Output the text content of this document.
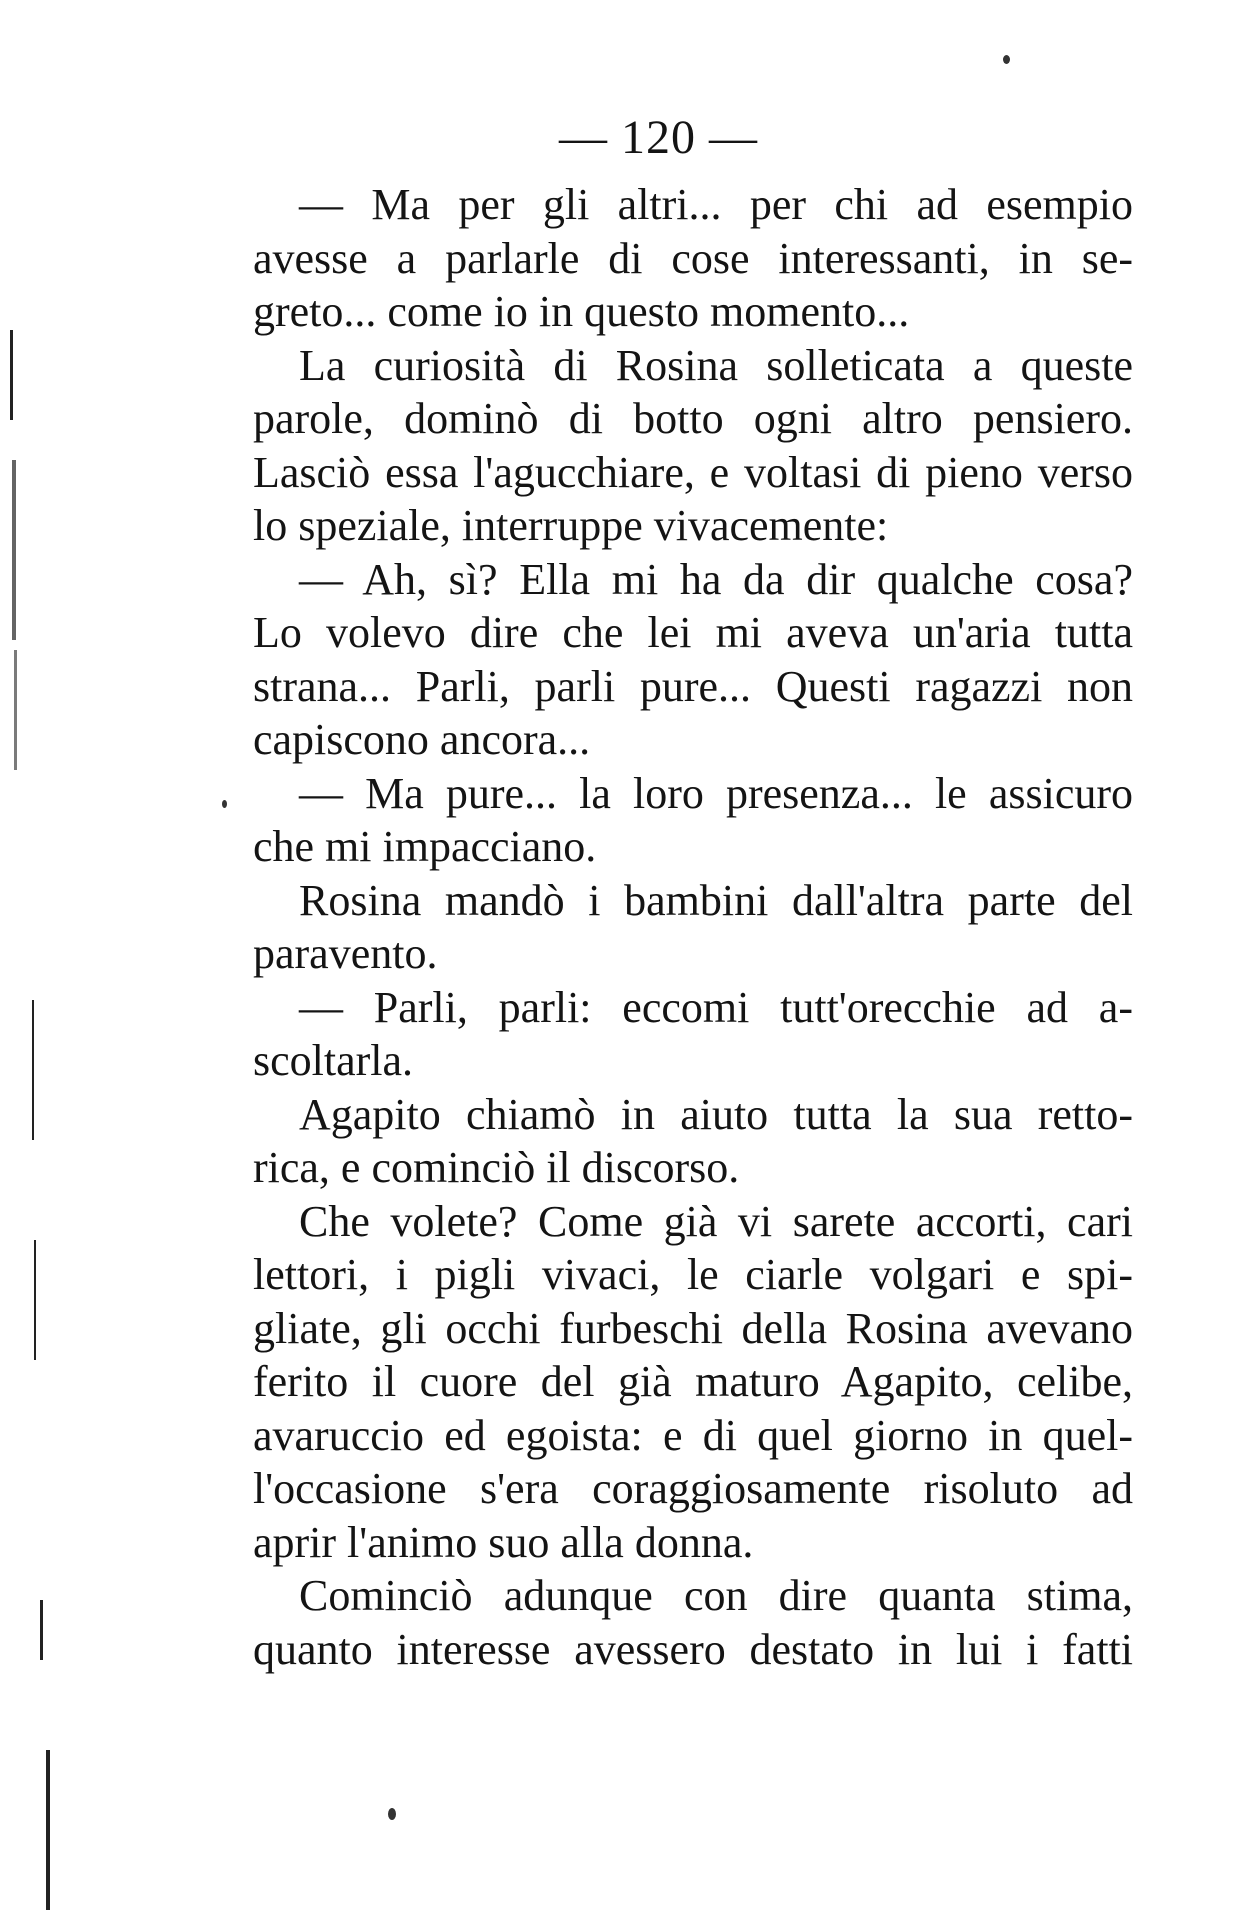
— 120 —
— Ma per gli altri... per chi ad esempio
avesse a parlarle di cose interessanti, in se-
greto... come io in questo momento...
La curiosità di Rosina solleticata a queste
parole, dominò di botto ogni altro pensiero.
Lasciò essa l'agucchiare, e voltasi di pieno verso
lo speziale, interruppe vivacemente:
— Ah, sì? Ella mi ha da dir qualche cosa?
Lo volevo dire che lei mi aveva un'aria tutta
strana... Parli, parli pure... Questi ragazzi non
capiscono ancora...
— Ma pure... la loro presenza... le assicuro
che mi impacciano.
Rosina mandò i bambini dall'altra parte del
paravento.
— Parli, parli: eccomi tutt'orecchie ad a-
scoltarla.
Agapito chiamò in aiuto tutta la sua retto-
rica, e cominciò il discorso.
Che volete? Come già vi sarete accorti, cari
lettori, i pigli vivaci, le ciarle volgari e spi-
gliate, gli occhi furbeschi della Rosina avevano
ferito il cuore del già maturo Agapito, celibe,
avaruccio ed egoista: e di quel giorno in quel-
l'occasione s'era coraggiosamente risoluto ad
aprir l'animo suo alla donna.
Cominciò adunque con dire quanta stima,
quanto interesse avessero destato in lui i fatti
